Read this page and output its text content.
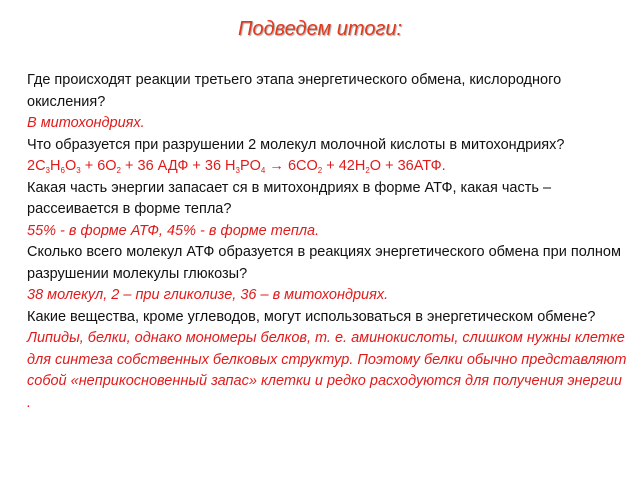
Подведем итоги:

Где происходят реакции третьего этапа энергетического обмена, кислородного окисления?

В митохондриях.

Что образуется при разрушении 2 молекул молочной кислоты в митохондриях?

$2C_3H_6O_3 + 6O_2 + 36$ АДФ + 36 $H_3PO_4 \to 6CO_2 + 42H_2O + 36АТФ$.

Какая часть энергии запасает ся в митохондриях в форме АТФ, какая часть – рассеивается в форме тепла?

55% - в форме АТФ, 45% - в форме тепла.

Сколько всего молекул АТФ образуется в реакциях энергетического обмена при полном разрушении молекулы глюкозы?

38 молекул, 2 – при гликолизе, 36 – в митохондриях.

Какие вещества, кроме углеводов, могут использоваться в энергетическом обмене?

Липиды, белки, однако мономеры белков, т. е. аминокислоты, слишком нужны клетке для синтеза собственных белковых структур. Поэтому белки обычно представляют собой «неприкосновенный запас» клетки и редко расходуются для получения энергии .
